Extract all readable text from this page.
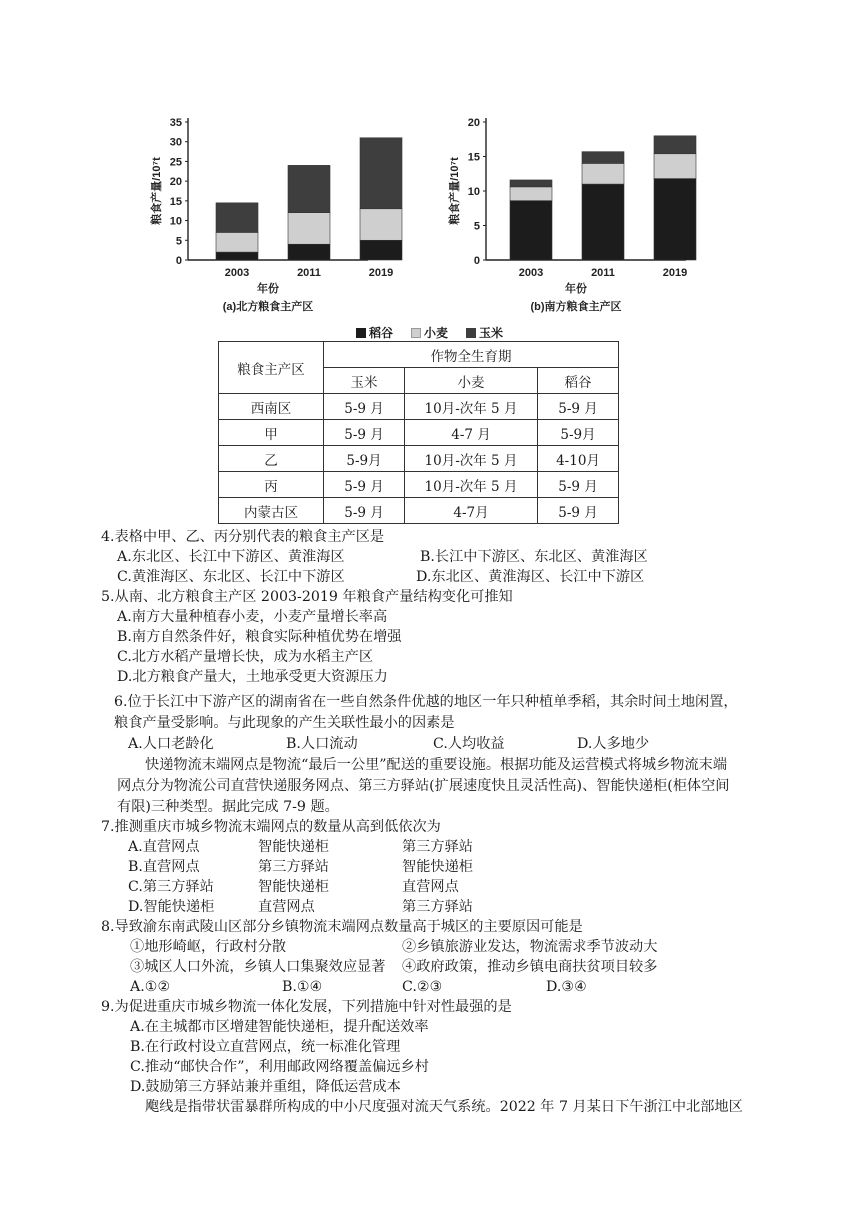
0
5
10
15
20
25
30
35
2003	2011	2019
年份
(a)北方粮食主产区
粮食产量/10⁷t
0
5
10
15
20
2003	2011	2019
年份
(b)南方粮食主产区
粮食产量/10⁷t
稻谷	小麦	玉米
粮食主产区	作物全生育期		
	玉米	小麦	稻谷
西南区	5-9 月	10月-次年 5 月	5-9 月
甲	5-9 月	4-7 月	5-9月
乙	5-9月	10月-次年 5 月	4-10月
丙	5-9 月	10月-次年 5 月	5-9 月
内蒙古区	5-9 月	4-7月	5-9 月
4.表格中甲、乙、丙分别代表的粮食主产区是
A.东北区、长江中下游区、黄淮海区	B.长江中下游区、东北区、黄淮海区
C.黄淮海区、东北区、长江中下游区	D.东北区、黄淮海区、长江中下游区
5.从南、北方粮食主产区 2003-2019 年粮食产量结构变化可推知
A.南方大量种植春小麦，小麦产量增长率高
B.南方自然条件好，粮食实际种植优势在增强
C.北方水稻产量增长快，成为水稻主产区
D.北方粮食产量大，土地承受更大资源压力
6.位于长江中下游产区的湖南省在一些自然条件优越的地区一年只种植单季稻，其余时间土地闲置，
粮食产量受影响。与此现象的产生关联性最小的因素是
A.人口老龄化	B.人口流动	C.人均收益	D.人多地少
快递物流末端网点是物流“最后一公里”配送的重要设施。根据功能及运营模式将城乡物流末端
网点分为物流公司直营快递服务网点、第三方驿站(扩展速度快且灵活性高)、智能快递柜(柜体空间
有限)三种类型。据此完成 7-9 题。
7.推测重庆市城乡物流末端网点的数量从高到低依次为
A.直营网点	智能快递柜	第三方驿站
B.直营网点	第三方驿站	智能快递柜
C.第三方驿站	智能快递柜	直营网点
D.智能快递柜	直营网点	第三方驿站
8.导致渝东南武陵山区部分乡镇物流末端网点数量高于城区的主要原因可能是
①地形崎岖，行政村分散	②乡镇旅游业发达，物流需求季节波动大
③城区人口外流，乡镇人口集聚效应显著 ④政府政策，推动乡镇电商扶贫项目较多
A.①②	B.①④	C.②③	D.③④
9.为促进重庆市城乡物流一体化发展，下列措施中针对性最强的是
A.在主城都市区增建智能快递柜，提升配送效率
B.在行政村设立直营网点，统一标准化管理
C.推动“邮快合作”，利用邮政网络覆盖偏远乡村
D.鼓励第三方驿站兼并重组，降低运营成本
飑线是指带状雷暴群所构成的中小尺度强对流天气系统。2022 年 7 月某日下午浙江中北部地区
